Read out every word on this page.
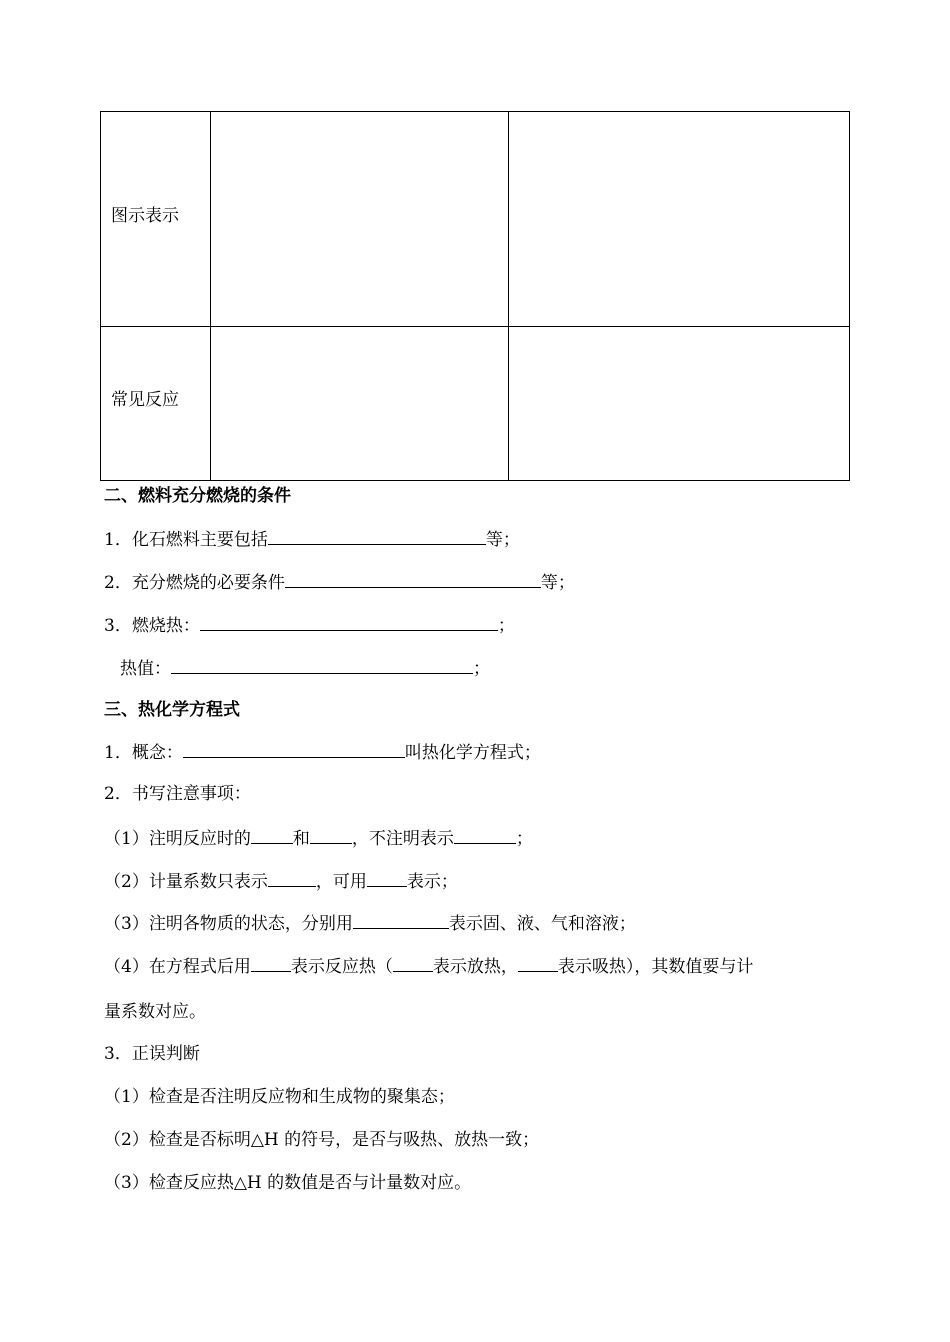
图示表示
常见反应
二、燃料充分燃烧的条件
1．化石燃料主要包括	等；
2．充分燃烧的必要条件	等；
3．燃烧热：	；
热值：	；
三、热化学方程式
1．概念：	叫热化学方程式；
2．书写注意事项：
（1）注明反应时的 和 ，不注明表示	；
（2）计量系数只表示	，可用 表示；
（3）注明各物质的状态，分别用	表示固、液、气和溶液；
（4）在方程式后用 表示反应热（ 表示放热， 表示吸热），其数值要与计
量系数对应。
3．正误判断
（1）检查是否注明反应物和生成物的聚集态；
（2）检查是否标明△H 的符号，是否与吸热、放热一致；
（3）检查反应热△H 的数值是否与计量数对应。
